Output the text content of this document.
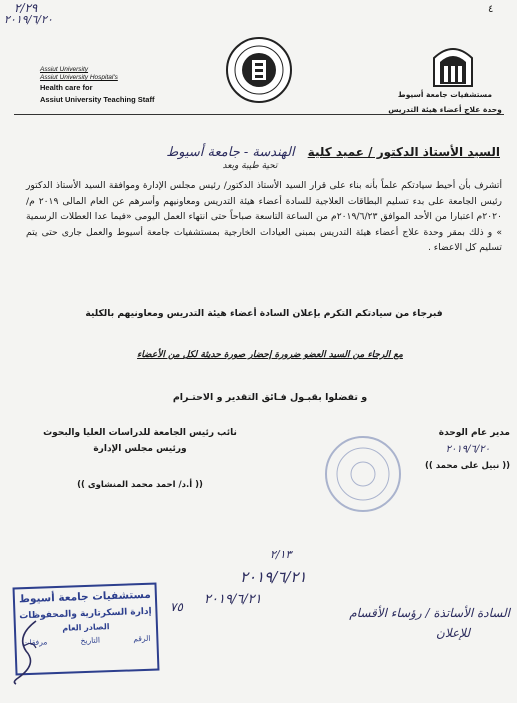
٢/٢٩
٢٠١٩/٦/٢٠
٤
Assiut University
Assiut University Hospital's
Health care for
Assiut University Teaching Staff
مستشفيات جامعة أسيوط
وحدة علاج أعضاء هيئة التدريس
السيد الأستاذ الدكتور / عميد كلية الهندسة - جامعة أسيوط
تحية طيبة وبعد
أتشرف بأن أحيط سيادتكم علماً بأنه بناء على قرار السيد الأستاذ الدكتور/ رئيس مجلس الإدارة وموافقة السيد الأستاذ الدكتور رئيس الجامعة على بدء تسليم البطاقات العلاجية للسادة أعضاء هيئة التدريس ومعاونيهم وأسرهم عن العام المالى ٢٠١٩ م/٢٠٢٠م اعتبارا من الأحد الموافق ٢٠١٩/٦/٢٣م من الساعة التاسعة صباحاً حتى انتهاء العمل اليومى «فيما عدا العطلات الرسمية » و ذلك بمقر وحدة علاج أعضاء هيئة التدريس بمبنى العيادات الخارجية بمستشفيات جامعة أسيوط والعمل جارى حتى يتم تسليم كل الاعضاء .
فبرجاء من سيادتكم التكرم بإعلان السادة أعضاء هيئة التدريس ومعاونيهم بالكلية
مع الرجاء من السيد العضو ضرورة إحضار صورة حديثة لكل من الأعضاء
و تفضلوا بقبـول فـائق التقدير و الاحتـرام
نائب رئيس الجامعة للدراسات العليا والبحوث
ورئيس مجلس الإدارة
(( أ.د/ احمد محمد المنشاوى ))
مدير عام الوحدة
٢٠١٩/٦/٢٠
(( نبيل على محمد ))
٢/١٣
٢٠١٩/٦/٢١
مستشفيات جامعة أسيوط
إدارة السكرتارية والمحفوظات
الصادر العام
الرقم
التاريخ
مرفقات
٧٥ ٢٠١٩/٦/٢١
السادة الأساتذة / رؤساء الأقسام
للإعلان
